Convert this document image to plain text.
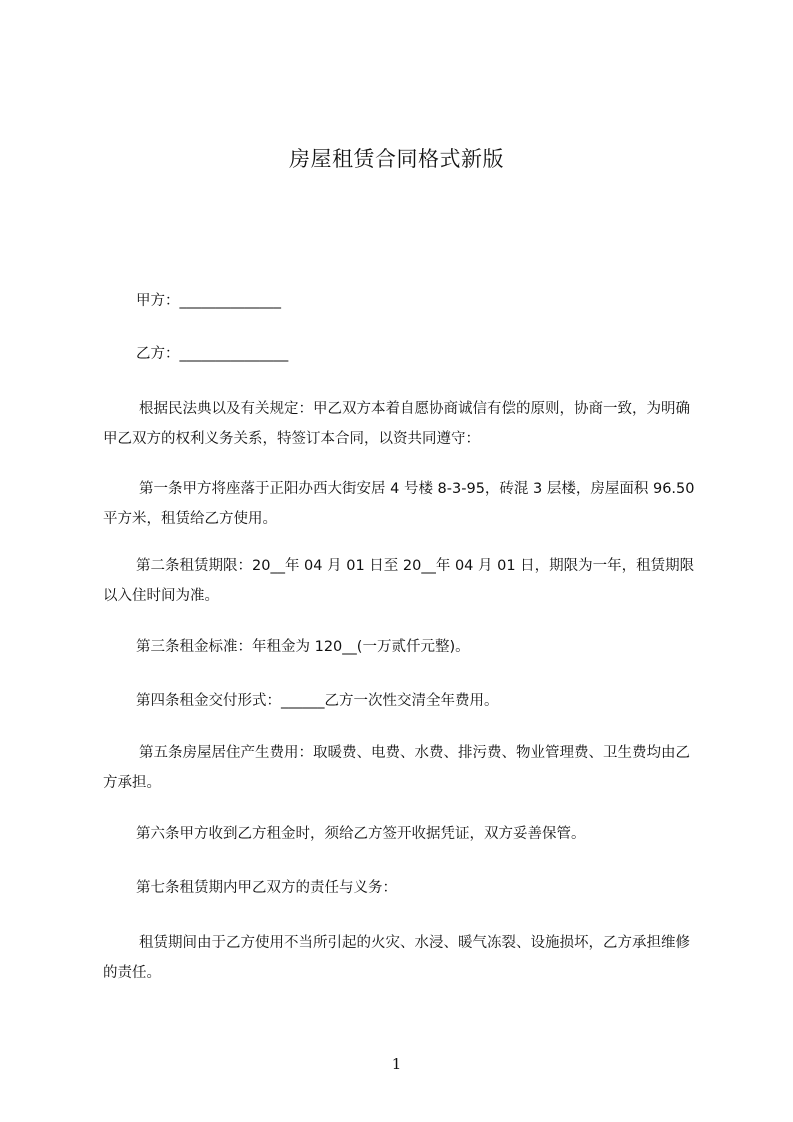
房屋租赁合同格式新版
甲方：______________
乙方：_______________
根据民法典以及有关规定：甲乙双方本着自愿协商诚信有偿的原则，协商一致，为明确甲乙双方的权利义务关系，特签订本合同，以资共同遵守：
第一条甲方将座落于正阳办西大街安居 4 号楼 8-3-95，砖混 3 层楼，房屋面积 96.50 平方米，租赁给乙方使用。
第二条租赁期限：20__年 04 月 01 日至 20__年 04 月 01 日，期限为一年，租赁期限以入住时间为准。
第三条租金标准：年租金为 120__(一万贰仟元整)。
第四条租金交付形式：______乙方一次性交清全年费用。
第五条房屋居住产生费用：取暖费、电费、水费、排污费、物业管理费、卫生费均由乙方承担。
第六条甲方收到乙方租金时，须给乙方签开收据凭证，双方妥善保管。
第七条租赁期内甲乙双方的责任与义务：
租赁期间由于乙方使用不当所引起的火灾、水浸、暖气冻裂、设施损坏，乙方承担维修的责任。
1
